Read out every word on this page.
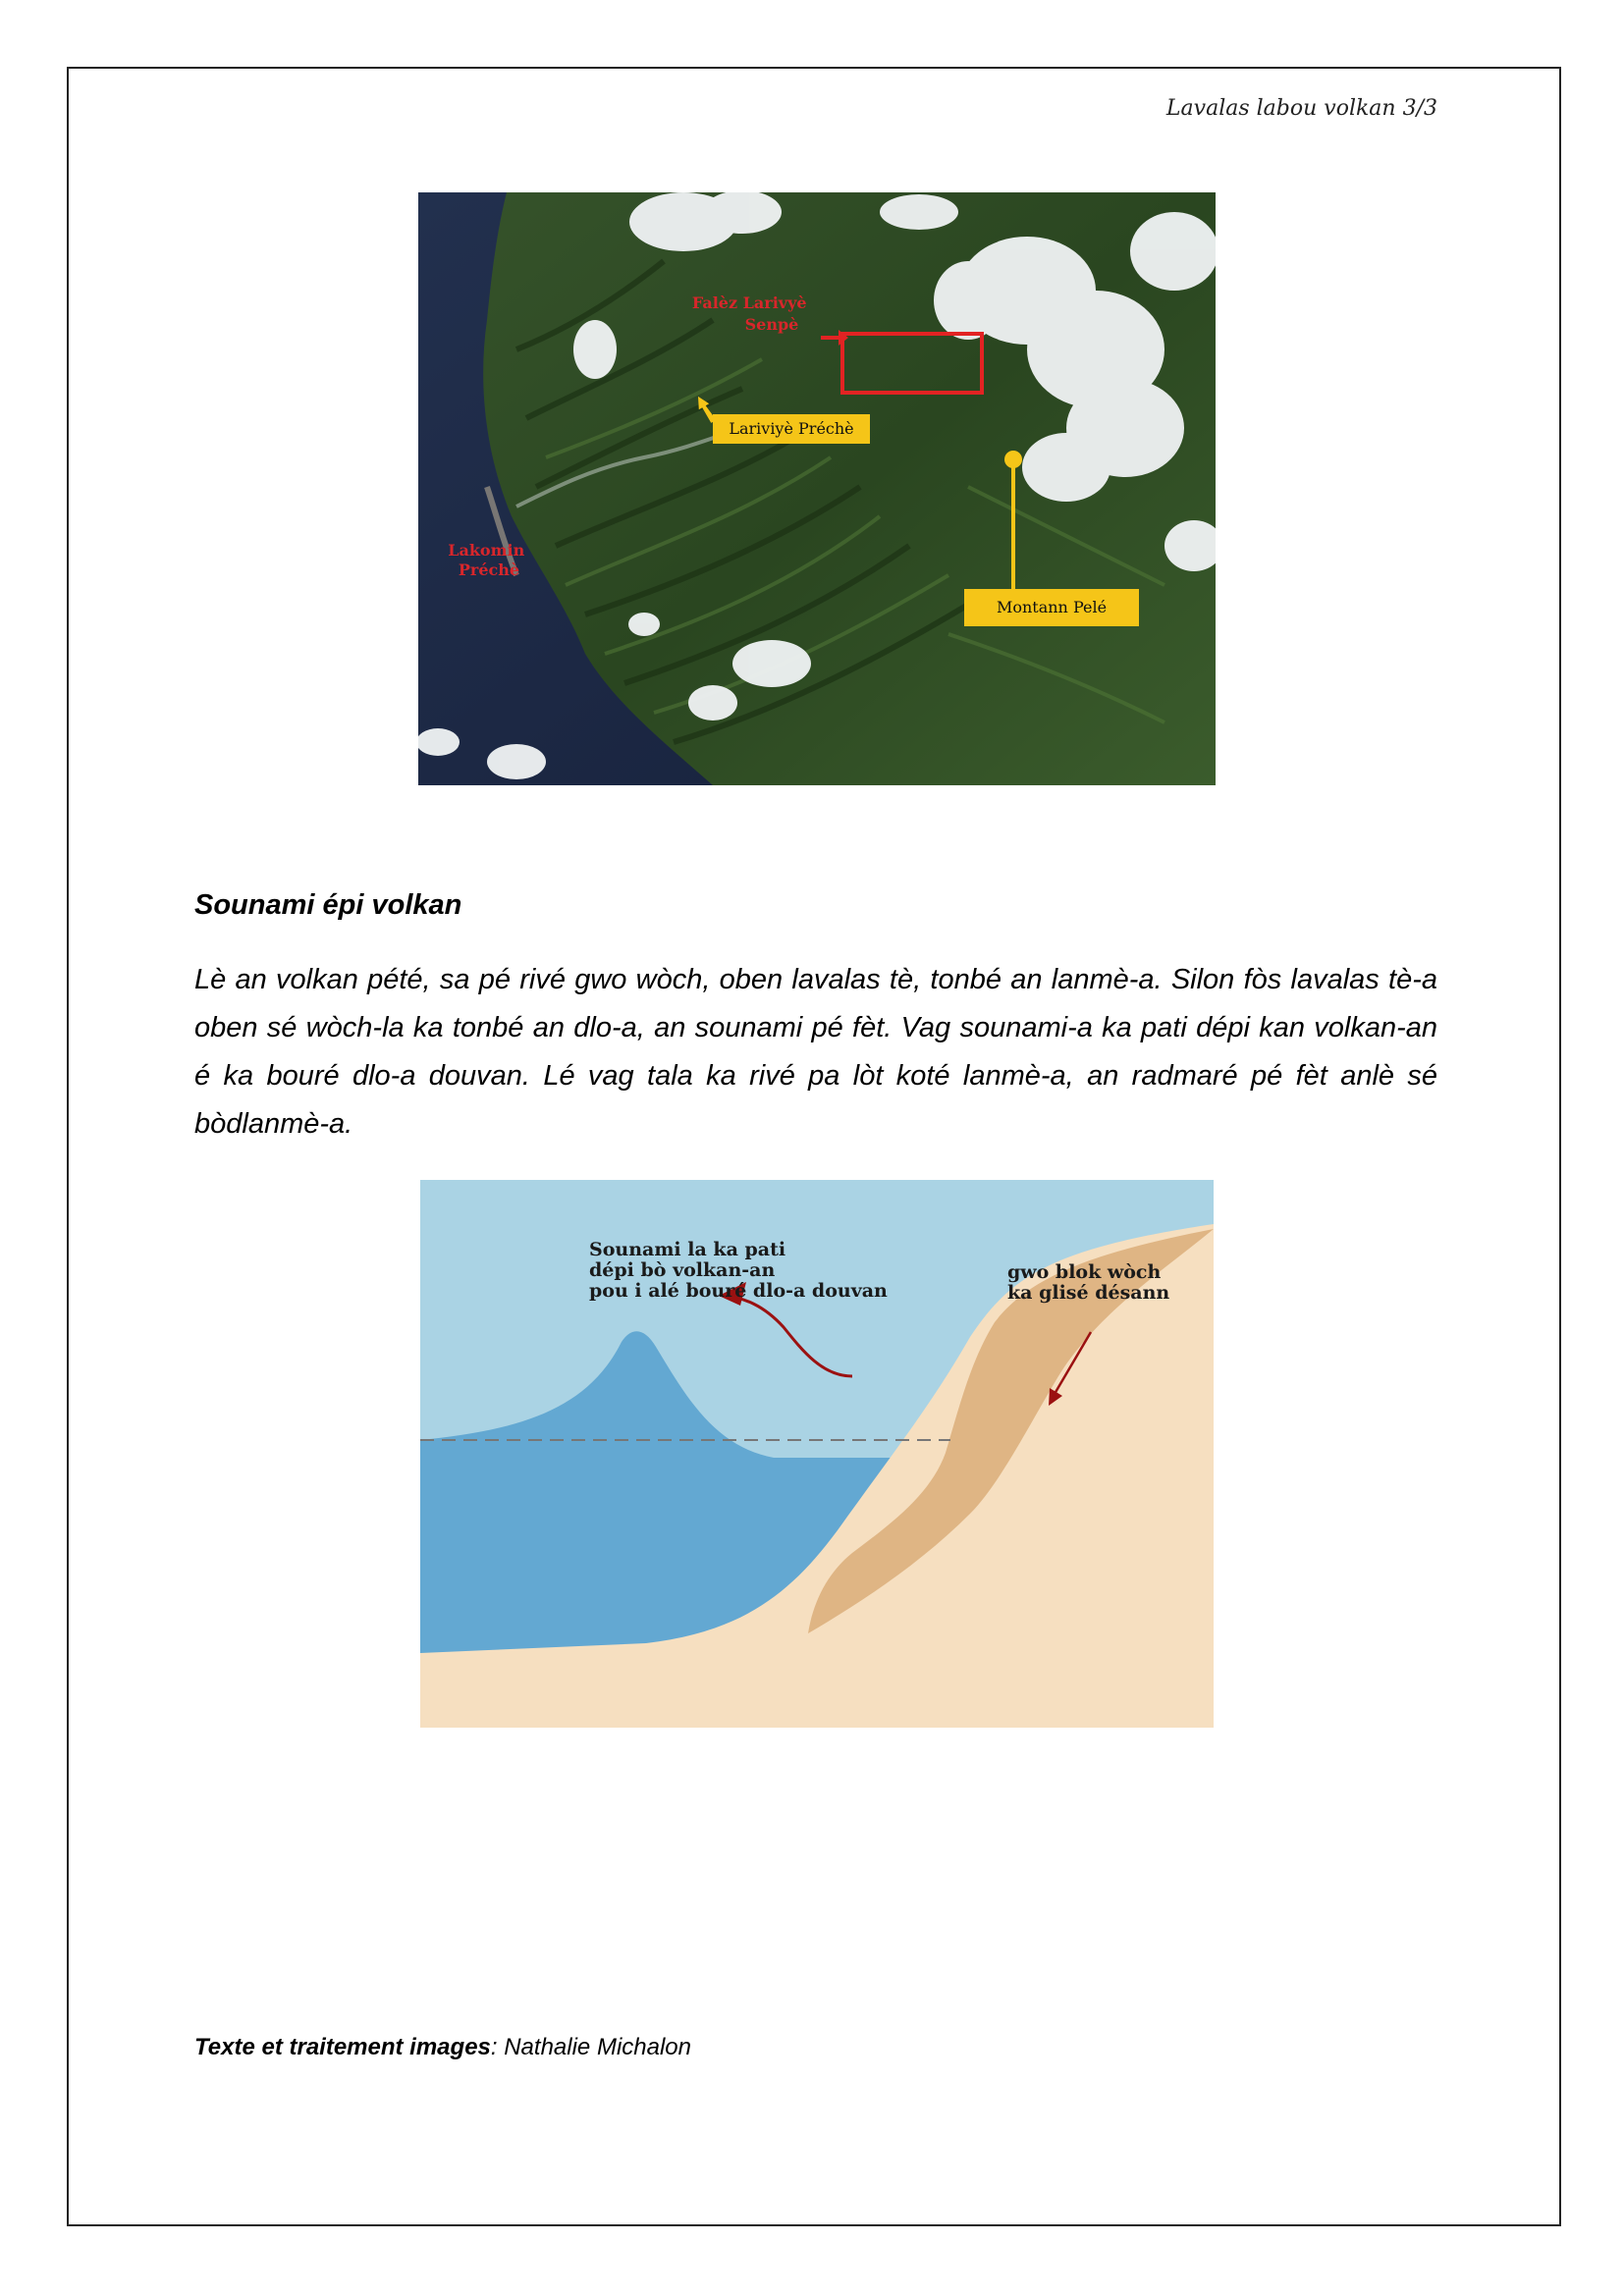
Lavalas labou volkan 3/3
Falèz Larivyè Senpè
Lariviyè Préchè
Lakomin Préchè
Montann Pelé
Sounami épi volkan

Lè an volkan pété, sa pé rivé gwo wòch, oben lavalas tè, tonbé an lanmè-a. Silon fòs lavalas tè-a oben sé wòch-la ka tonbé an dlo-a, an sounami pé fèt. Vag sounami-a ka pati dépi kan volkan-an é ka bouré dlo-a douvan. Lé vag tala ka rivé pa lòt koté lanmè-a, an radmaré pé fèt anlè sé bòdlanmè-a.

Sounami la ka pati dépi bò volkan-an pou i alé bouré dlo-a douvan
gwo blok wòch ka glisé désann
Texte et traitement images: Nathalie Michalon
